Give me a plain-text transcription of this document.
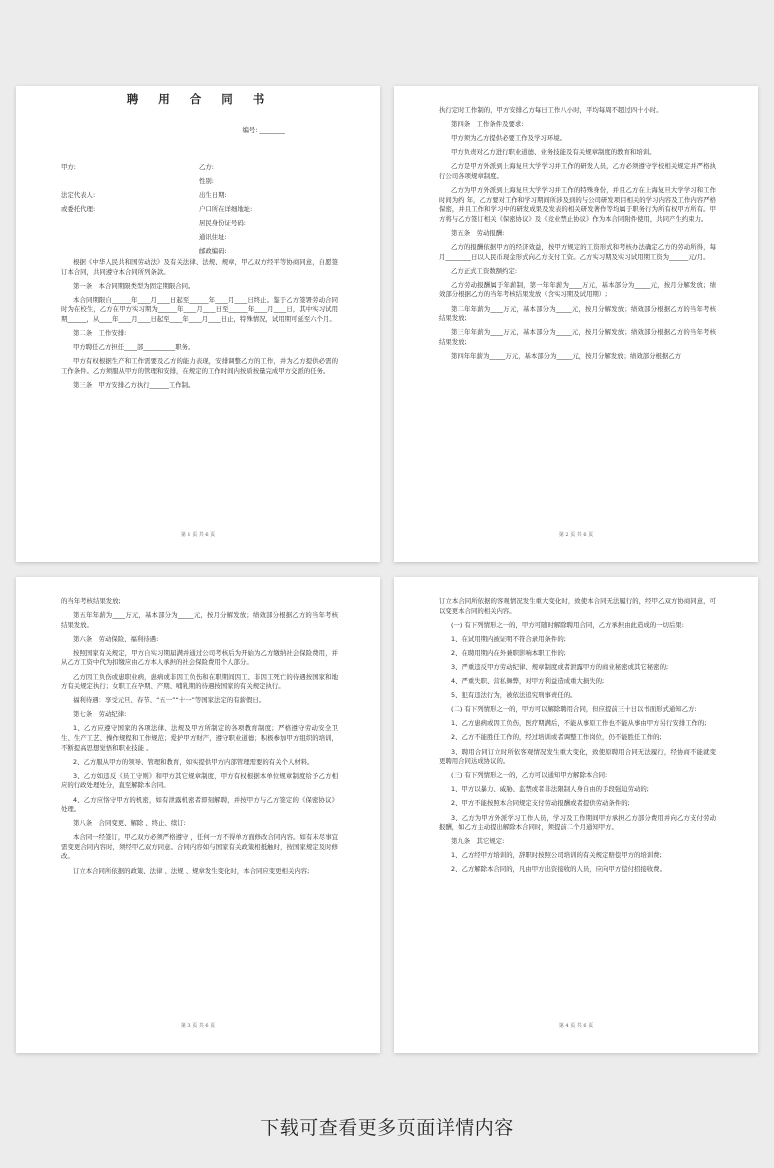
聘 用 合 同 书
编号: ________
甲方:	乙方:
性别:
法定代表人:	出生日期:
或委托代理:	户口所在详细地址:
居民身份证号码:
通讯住址:
邮政编码:

根据《中华人民共和国劳动法》及有关法律、法规、规章，甲乙双方经平等协商同意，自愿签订本合同，共同遵守本合同所列条款。

第一条　本合同期限类型为固定期限合同。

本合同期限自______年____月____日起至______年____月____日终止。鉴于乙方签署劳动合同时为在校生，乙方在甲方实习期为______年____月____日至______年____月____日，其中实习试用期______，从____年____月____日起至____年____月____日止，特殊情况，试用期可延至六个月。

第二条　工作安排:

甲方聘任乙方担任____部__________职务。

甲方有权根据生产和工作需要及乙方的能力表现，安排调整乙方的工作，并为乙方提供必需的工作条件。乙方须服从甲方的管理和安排，在规定的工作时间内按质按量完成甲方交派的任务。

第三条　甲方安排乙方执行______工作制。

第 1 页 共 6 页

执行定时工作制的，甲方安排乙方每日工作八小时，平均每周不超过四十小时。

第四条　工作条件及要求:

甲方须为乙方提供必要工作及学习环境。

甲方负责对乙方进行职业道德、业务技能及有关规章制度的教育和培训。

乙方是甲方外派到上海复旦大学学习并工作的研发人员，乙方必须遵守学校相关规定并严格执行公司各项规章制度。

乙方为甲方外派到上海复旦大学学习并工作的特殊身份，并且乙方在上海复旦大学学习和工作时间为约 年，乙方要对工作和学习期间所涉及到的与公司研发项目相关的学习内容及工作内容严格保密，并且工作和学习中的研发成果及发表的相关研发著作等均属于职务行为所有权甲方所有。甲方将与乙方签订相关《保密协议》及《竞业禁止协议》作为本合同附件使用，共同产生约束力。

第五条　劳动报酬:

乙方的报酬依据甲方的经济效益，按甲方规定的工资形式和考核办法确定乙方的劳动所得，每月________日以人民币现金形式向乙方支付工资。乙方实习期及实习试用期工资为______元/月。

乙方正式工资数额约定:

乙方劳动报酬属于年薪制，第一年年薪为____万元，基本部分为_____元，按月分解发放；绩效部分根据乙方的当年考核结果发放（含实习期及试用期）;

第二年年薪为____万元，基本部分为_____元，按月分解发放；绩效部分根据乙方的当年考核结果发放;

第三年年薪为____万元，基本部分为_____元，按月分解发放；绩效部分根据乙方的当年考核结果发放;

第四年年薪为_____万元，基本部分为_____元，按月分解发放；绩效部分根据乙方

第 2 页 共 6 页

的当年考核结果发放;

第五年年薪为____万元，基本部分为_____元，按月分解发放；绩效部分根据乙方的当年考核结果发放。

第六条　劳动保险、福利待遇:

按照国家有关规定，甲方自实习期届满并通过公司考核后为开始为乙方缴纳社会保险费用，并从乙方工资中代为扣缴应由乙方本人承担的社会保险费用个人部分。

乙方因工负伤或患职业病，患病或非因工负伤和在职期间因工、非因工死亡的待遇按国家和地方有关规定执行；女职工在孕期、产期、哺乳期的待遇按国家的有关规定执行。

福利待遇：享受元旦、春节、“五一”“十一”等国家法定的有薪假日。

第七条　劳动纪律:

1、乙方应遵守国家的各项法律、法规及甲方所制定的各项教育制度；严格遵守劳动安全卫生、生产工艺、操作规程和工作规范；爱护甲方财产，遵守职业道德；积极参加甲方组织的培训，不断提高思想觉悟和职业技能 。

2、乙方服从甲方的领导、管理和教育，如实提供甲方内部管理需要的有关个人材料。

3、乙方如违反《员工守则》和甲方其它规章制度，甲方有权根据本单位规章制度给予乙方相应的行政处理处分，直至解除本合同。

4、乙方应恪守甲方的机密，如有泄露机密者即刻解聘，并按甲方与乙方签定的《保密协议》处理。

第八条　合同变更、解除 、终止、续订:

本合同一经签订，甲乙双方必须严格遵守 ，任何一方不得单方面修改合同内容。如有未尽事宜需变更合同内容时，须经甲乙双方同意。合同内容如与国家有关政策相抵触时，按国家规定及时修改。

订立本合同所依据的政策、法律 、法规 、规章发生变化时，本合同应变更相关内容;

第 3 页 共 6 页

订立本合同所依据的客观情况发生重大变化时，致使本合同无法履行的，经甲乙双方协商同意，可以变更本合同的相关内容。

(一) 有下列情形之一的，甲方可随时解除聘用合同，乙方承担由此造成的一切后果:

1、在试用期内被证明不符合录用条件的;

2、在聘用期内在外兼职影响本职工作的;

3、严重违反甲方劳动纪律、规章制度或者泄露甲方的商业秘密或其它秘密的;

4、严重失职、营私舞弊，对甲方利益造成重大损失的;

5、犯有违法行为，被依法追究刑事责任的。

(二) 有下列情形之一的，甲方可以解除聘用合同，但应提前三十日以书面形式通知乙方:

1、乙方患病或因工负伤，医疗期满后，不能从事原工作也不能从事由甲方另行安排工作的;

2、乙方不能胜任工作的，经过培训或者调整工作岗位，仍不能胜任工作的;

3、聘用合同订立时所依客观情况发生重大变化，致使原聘用合同无法履行，经协商不能就变更聘用合同达成协议的。

(三) 有下列情形之一的，乙方可以通知甲方解除本合同:

1、甲方以暴力、威胁、监禁或者非法限制人身自由的手段强迫劳动的;

2、甲方不能按照本合同规定支付劳动报酬或者提供劳动条件的;

3、乙方为甲方外派学习工作人员，学习及工作期间甲方承担乙方部分费用并向乙方支付劳动报酬，如乙方主动提出解除本合同时，须提前二个月通知甲方。

第九条　其它规定:

1、乙方经甲方培训的，辞职时按照公司培训的有关规定赔偿甲方的培训费;

2、乙方解除本合同的，凡由甲方出资接收的人员，应向甲方偿付招接收费。

第 4 页 共 6 页
下载可查看更多页面详情内容
